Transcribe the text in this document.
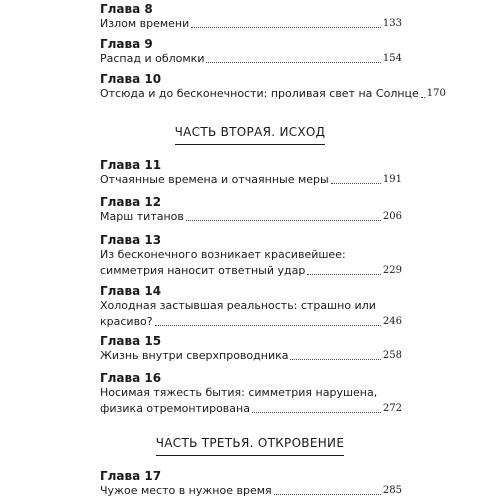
Глава 8
Излом времени	133
Глава 9
Распад и обломки	154
Глава 10
Отсюда и до бесконечности: проливая свет на Солнце 170
ЧАСТЬ ВТОРАЯ. ИСХОД
Глава 11
Отчаянные времена и отчаянные меры	191
Глава 12
Марш титанов	206
Глава 13
Из бесконечного возникает красивейшее:
симметрия наносит ответный удар	229
Глава 14
Холодная застывшая реальность: страшно или
красиво?	246
Глава 15
Жизнь внутри сверхпроводника	258
Глава 16
Носимая тяжесть бытия: симметрия нарушена,
физика отремонтирована	272
ЧАСТЬ ТРЕТЬЯ. ОТКРОВЕНИЕ
Глава 17
Чужое место в нужное время	285
